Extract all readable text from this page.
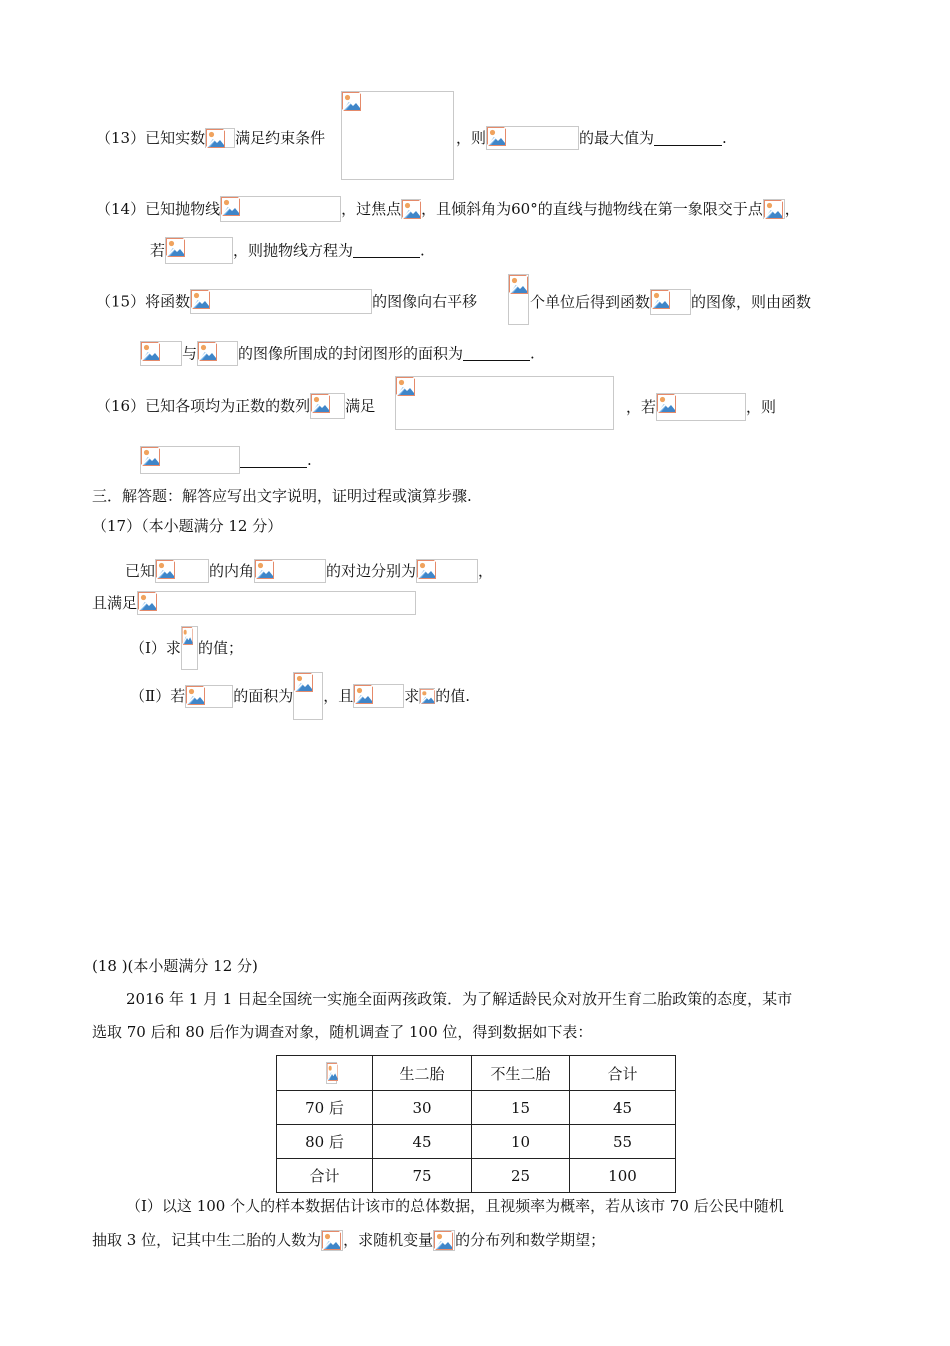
（13）已知实数 满足约束条件	，则	的最大值为	.
（14）已知抛物线	，过焦点 ，且倾斜角为60°的直线与抛物线在第一象限交于点 ，
若	，则抛物线方程为	.
（15）将函数	的图像向右平移	个单位后得到函数	的图像，则由函数
与	的图像所围成的封闭图形的面积为	.
（16）已知各项均为正数的数列 满足	，若	，则
.
三．解答题：解答应写出文字说明，证明过程或演算步骤.
（17）（本小题满分 12 分）
已知	的内角	的对边分别为	，
且满足
（Ⅰ）求 的值；
（Ⅱ）若	的面积为 ，且	求 的值.
(18 )(本小题满分 12 分)
2016 年 1 月 1 日起全国统一实施全面两孩政策．为了解适龄民众对放开生育二胎政策的态度，某市
选取 70 后和 80 后作为调查对象，随机调查了 100 位，得到数据如下表：
	生二胎	不生二胎	合计
70 后	30	15	45
80 后	45	10	55
合计	75	25	100
（Ⅰ）以这 100 个人的样本数据估计该市的总体数据，且视频率为概率，若从该市 70 后公民中随机
抽取 3 位，记其中生二胎的人数为 ，求随机变量 的分布列和数学期望；
